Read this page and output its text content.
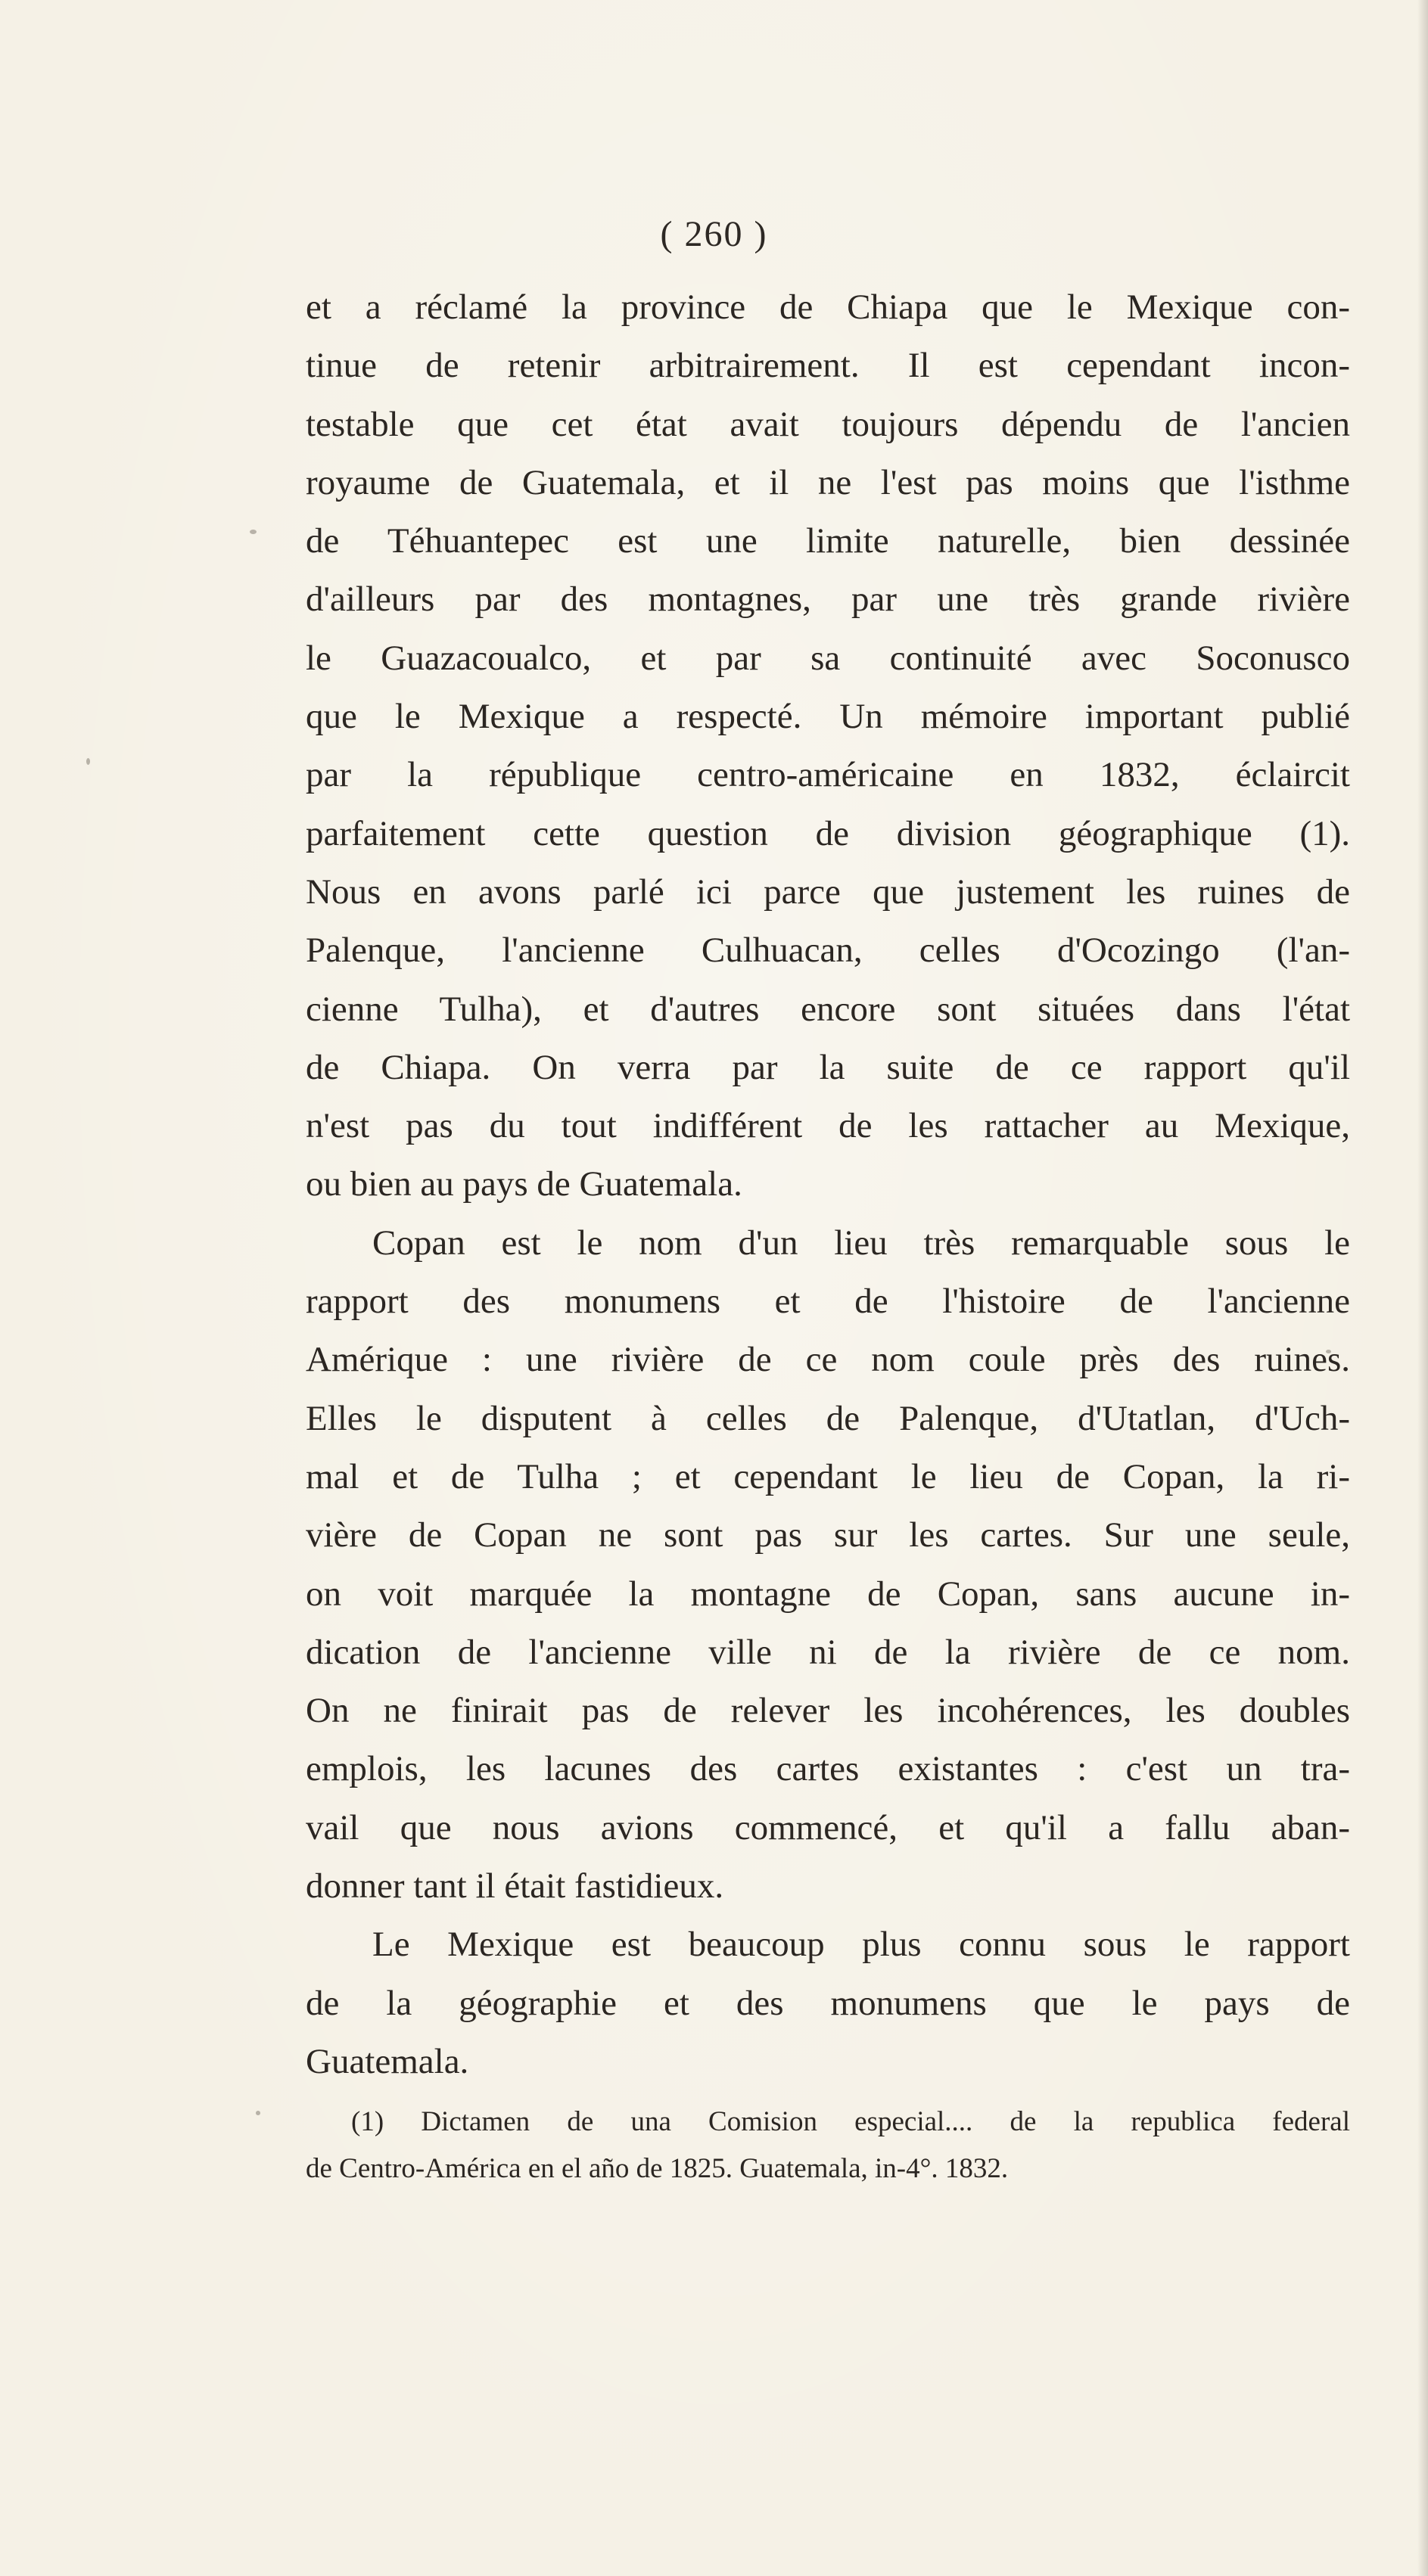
( 260 )
et a réclamé la province de Chiapa que le Mexique con-
tinue de retenir arbitrairement. Il est cependant incon-
testable que cet état avait toujours dépendu de l'ancien
royaume de Guatemala, et il ne l'est pas moins que l'isthme
de Téhuantepec est une limite naturelle, bien dessinée
d'ailleurs par des montagnes, par une très grande rivière
le Guazacoualco, et par sa continuité avec Soconusco
que le Mexique a respecté. Un mémoire important publié
par la république centro-américaine en 1832, éclaircit
parfaitement cette question de division géographique (1).
Nous en avons parlé ici parce que justement les ruines de
Palenque, l'ancienne Culhuacan, celles d'Ocozingo (l'an-
cienne Tulha), et d'autres encore sont situées dans l'état
de Chiapa. On verra par la suite de ce rapport qu'il
n'est pas du tout indifférent de les rattacher au Mexique,
ou bien au pays de Guatemala.
Copan est le nom d'un lieu très remarquable sous le
rapport des monumens et de l'histoire de l'ancienne
Amérique : une rivière de ce nom coule près des ruines.
Elles le disputent à celles de Palenque, d'Utatlan, d'Uch-
mal et de Tulha ; et cependant le lieu de Copan, la ri-
vière de Copan ne sont pas sur les cartes. Sur une seule,
on voit marquée la montagne de Copan, sans aucune in-
dication de l'ancienne ville ni de la rivière de ce nom.
On ne finirait pas de relever les incohérences, les doubles
emplois, les lacunes des cartes existantes : c'est un tra-
vail que nous avions commencé, et qu'il a fallu aban-
donner tant il était fastidieux.
Le Mexique est beaucoup plus connu sous le rapport
de la géographie et des monumens que le pays de
Guatemala.
(1) Dictamen de una Comision especial.... de la republica federal
de Centro-América en el año de 1825. Guatemala, in-4°. 1832.
